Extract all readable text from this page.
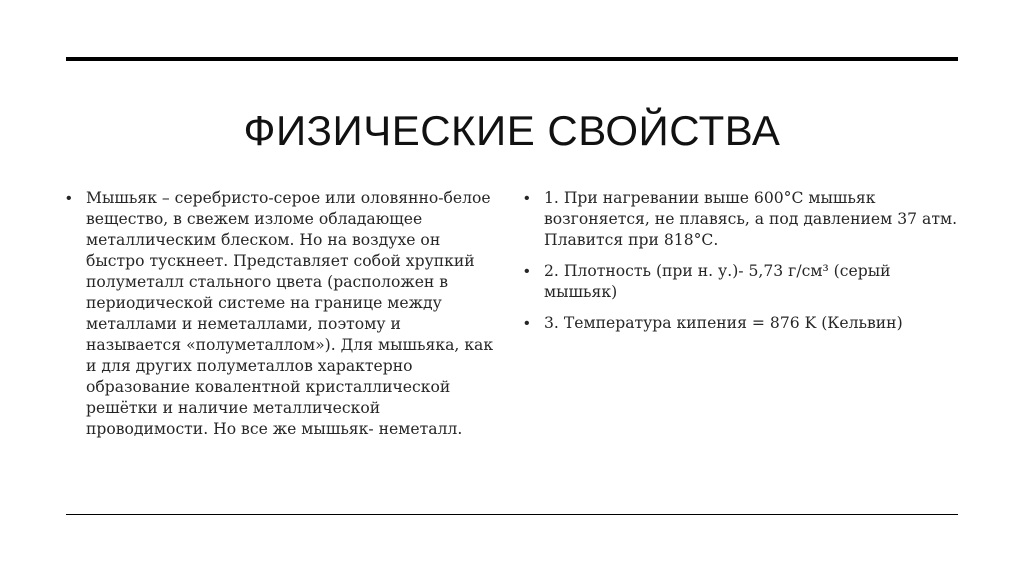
ФИЗИЧЕСКИЕ СВОЙСТВА
• Мышьяк – серебристо-серое или оловянно-белое вещество, в свежем изломе обладающее металлическим блеском. Но на воздухе он быстро тускнеет. Представляет собой хрупкий полуметалл стального цвета (расположен в периодической системе на границе между металлами и неметаллами, поэтому и называется «полуметаллом»). Для мышьяка, как и для других полуметаллов характерно образование ковалентной кристаллической решётки и наличие металлической проводимости. Но все же мышьяк- неметалл.
• 1. При нагревании выше 600°С мышьяк возгоняется, не плавясь, а под давлением 37 атм. Плавится при 818°С.
• 2. Плотность (при н. у.)- 5,73 г/см³ (серый мышьяк)
• 3. Температура кипения = 876 K (Кельвин)
